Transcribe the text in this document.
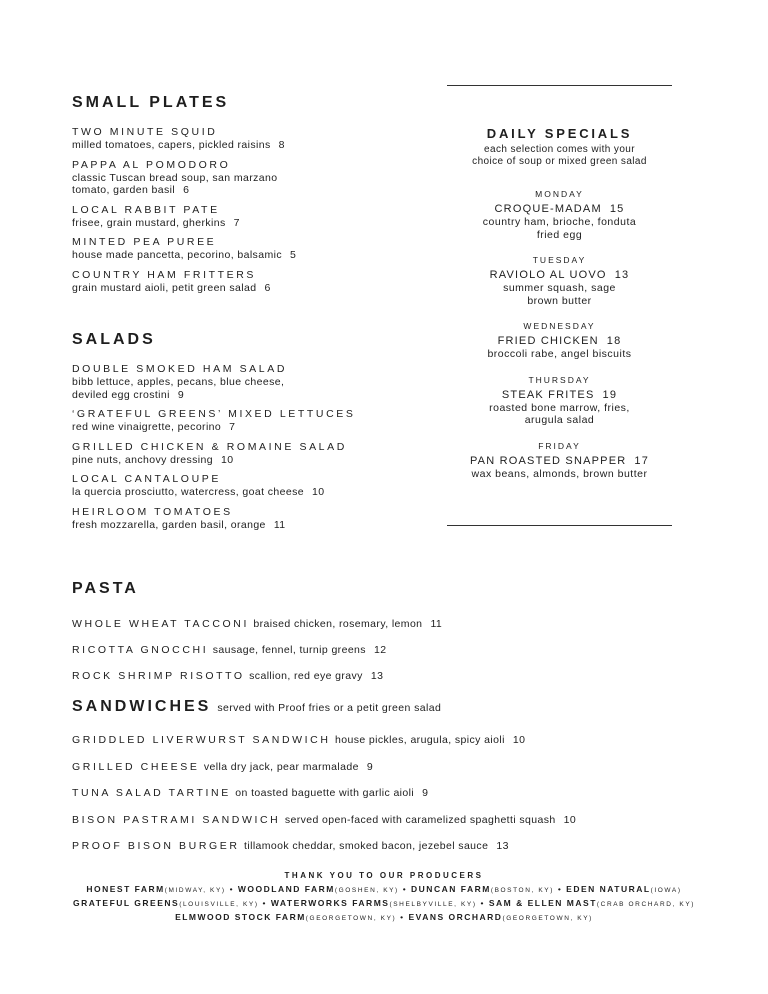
SMALL PLATES
TWO MINUTE SQUID
milled tomatoes, capers, pickled raisins 8
PAPPA AL POMODORO
classic Tuscan bread soup, san marzano tomato, garden basil 6
LOCAL RABBIT PATE
frisee, grain mustard, gherkins 7
MINTED PEA PUREE
house made pancetta, pecorino, balsamic 5
COUNTRY HAM FRITTERS
grain mustard aioli, petit green salad 6
SALADS
DOUBLE SMOKED HAM SALAD
bibb lettuce, apples, pecans, blue cheese, deviled egg crostini 9
‘GRATEFUL GREENS’ MIXED LETTUCES
red wine vinaigrette, pecorino 7
GRILLED CHICKEN & ROMAINE SALAD
pine nuts, anchovy dressing 10
LOCAL CANTALOUPE
la quercia prosciutto, watercress, goat cheese 10
HEIRLOOM TOMATOES
fresh mozzarella, garden basil, orange 11
DAILY SPECIALS
each selection comes with your
choice of soup or mixed green salad
MONDAY
CROQUE-MADAM 15
country ham, brioche, fonduta
fried egg
TUESDAY
RAVIOLO AL UOVO 13
summer squash, sage
brown butter
WEDNESDAY
FRIED CHICKEN 18
broccoli rabe, angel biscuits
THURSDAY
STEAK FRITES 19
roasted bone marrow, fries,
arugula salad
FRIDAY
PAN ROASTED SNAPPER 17
wax beans, almonds, brown butter
PASTA
WHOLE WHEAT TACCONI braised chicken, rosemary, lemon 11
RICOTTA GNOCCHI sausage, fennel, turnip greens 12
ROCK SHRIMP RISOTTO scallion, red eye gravy 13
SANDWICHES served with Proof fries or a petit green salad
GRIDDLED LIVERWURST SANDWICH house pickles, arugula, spicy aioli 10
GRILLED CHEESE vella dry jack, pear marmalade 9
TUNA SALAD TARTINE on toasted baguette with garlic aioli 9
BISON PASTRAMI SANDWICH served open-faced with caramelized spaghetti squash 10
PROOF BISON BURGER tillamook cheddar, smoked bacon, jezebel sauce 13
THANK YOU TO OUR PRODUCERS
HONEST FARM(MIDWAY, KY) • WOODLAND FARM(GOSHEN, KY) • DUNCAN FARM(BOSTON, KY) • EDEN NATURAL(IOWA)
GRATEFUL GREENS(LOUISVILLE, KY) • WATERWORKS FARMS(SHELBYVILLE, KY) • SAM & ELLEN MAST(CRAB ORCHARD, KY)
ELMWOOD STOCK FARM(GEORGETOWN, KY) • EVANS ORCHARD(GEORGETOWN, KY)
